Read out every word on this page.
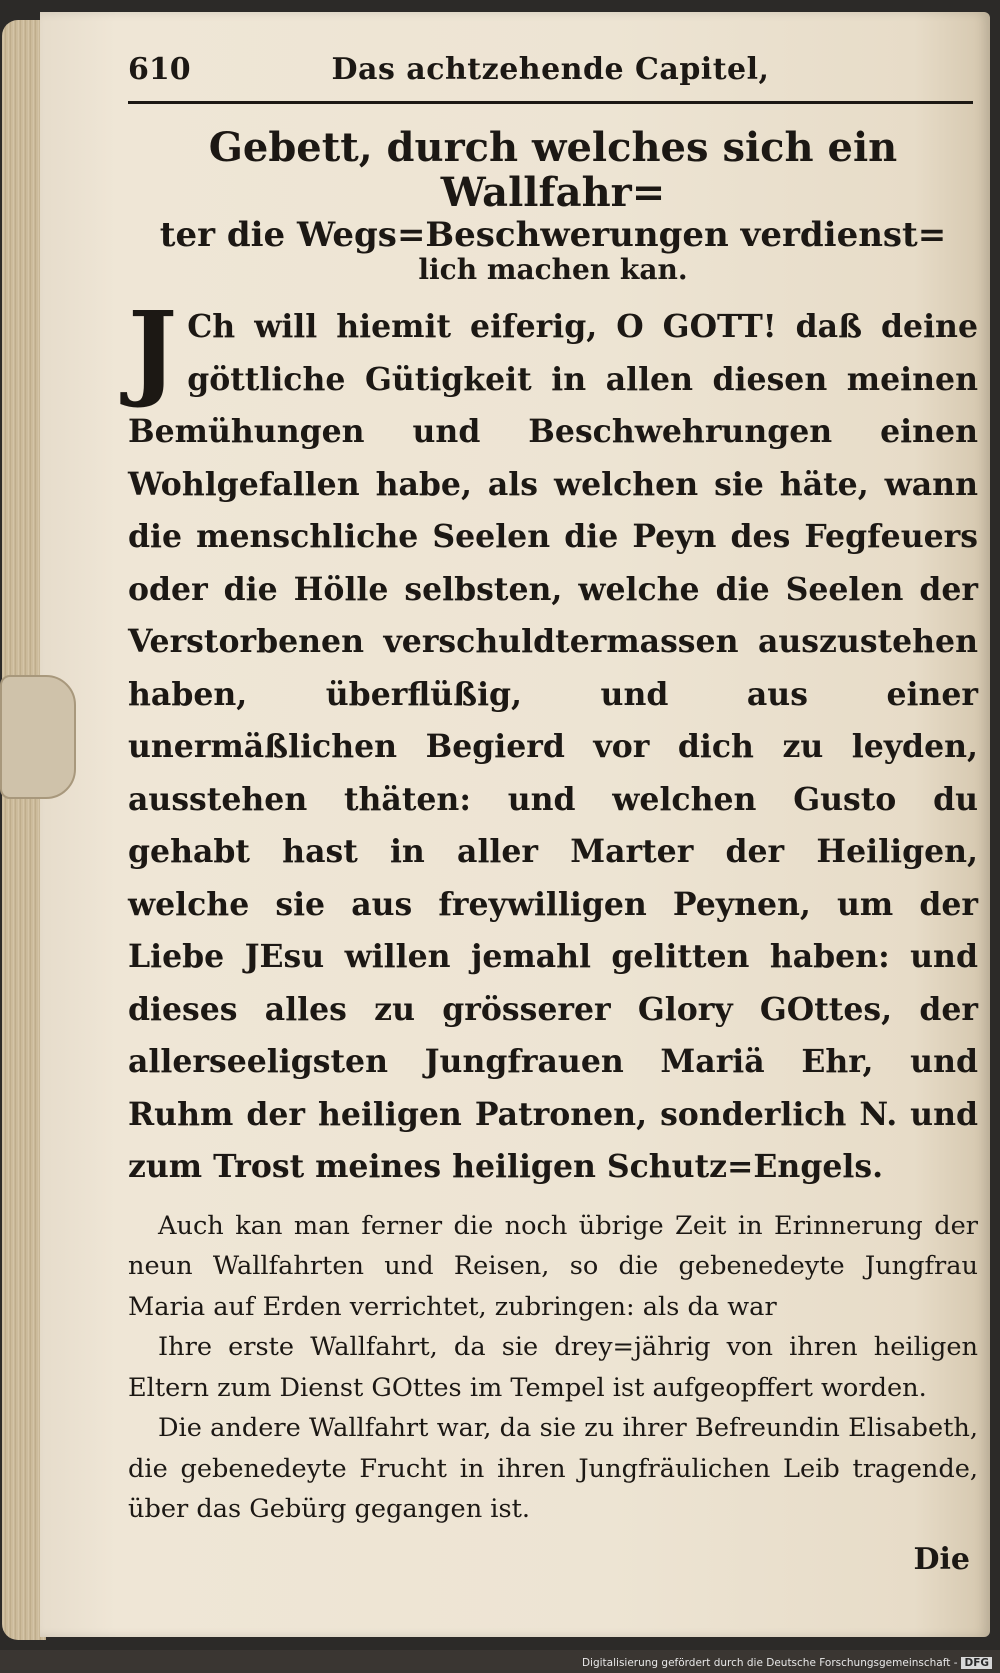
610	Das achtzehende Capitel,
Gebett, durch welches sich ein Wallfahr=
ter die Wegs=Beschwerungen verdienst=
lich machen kan.
J Ch will hiemit eiferig, O GOTT! daß deine göttliche Gütigkeit in allen diesen meinen Bemühungen und Beschwehrungen einen Wohlgefallen habe, als welchen sie häte, wann die menschliche Seelen die Peyn des Fegfeuers oder die Hölle selbsten, welche die Seelen der Verstorbenen verschuldtermassen auszustehen haben, überflüßig, und aus einer unermäßlichen Begierd vor dich zu leyden, ausstehen thäten: und welchen Gusto du gehabt hast in aller Marter der Heiligen, welche sie aus freywilligen Peynen, um der Liebe JEsu willen jemahl gelitten haben: und dieses alles zu grösserer Glory GOttes, der allerseeligsten Jungfrauen Mariä Ehr, und Ruhm der heiligen Patronen, sonderlich N. und zum Trost meines heiligen Schutz=Engels.

Auch kan man ferner die noch übrige Zeit in Erinnerung der neun Wallfahrten und Reisen, so die gebenedeyte Jungfrau Maria auf Erden verrichtet, zubringen: als da war

Ihre erste Wallfahrt, da sie drey=jährig von ihren heiligen Eltern zum Dienst GOttes im Tempel ist aufgeopffert worden.

Die andere Wallfahrt war, da sie zu ihrer Befreundin Elisabeth, die gebenedeyte Frucht in ihren Jungfräulichen Leib tragende, über das Gebürg gegangen ist.

Die
Digitalisierung gefördert durch die Deutsche Forschungsgemeinschaft - DFG
